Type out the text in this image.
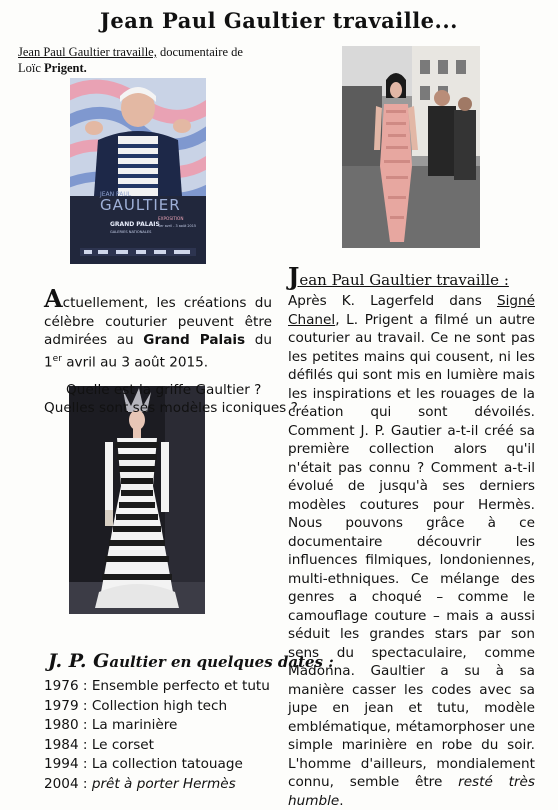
Jean Paul Gaultier travaille...
Jean Paul Gaultier travaille, documentaire de
Loïc Prigent.
JEAN PAUL
GAULTIER
GRAND PALAIS
GALERIES NATIONALES
EXPOSITION
1er avril - 3 août 2015
Jean Paul Gaultier travaille :
Actuellement, les créations du célèbre couturier peuvent être admirées au Grand Palais du 1er avril au 3 août 2015.
Quelle est la griffe Gaultier ?
Quelles sont ses modèles iconiques ?
Après K. Lagerfeld dans Signé Chanel, L. Prigent a filmé un autre couturier au travail. Ce ne sont pas les petites mains qui cousent, ni les défilés qui sont mis en lumière mais les inspirations et les rouages de la création qui sont dévoilés. Comment J. P. Gautier a-t-il créé sa première collection alors qu'il n'était pas connu ? Comment a-t-il évolué de jusqu'à ses derniers modèles coutures pour Hermès. Nous pouvons grâce à ce documentaire découvrir les influences filmiques, londoniennes, multi-ethniques. Ce mélange des genres a choqué – comme le camouflage couture – mais a aussi séduit les grandes stars par son sens du spectaculaire, comme Madonna. Gaultier a su à sa manière casser les codes avec sa jupe en jean et tutu, modèle emblématique, métamorphoser une simple marinière en robe du soir. L'homme d'ailleurs, mondialement connu, semble être resté très humble.
J. P. Gaultier en quelques dates :
1976 : Ensemble perfecto et tutu
1979 : Collection high tech
1980 : La marinière
1984 : Le corset
1994 : La collection tatouage
2004 : prêt à porter Hermès
